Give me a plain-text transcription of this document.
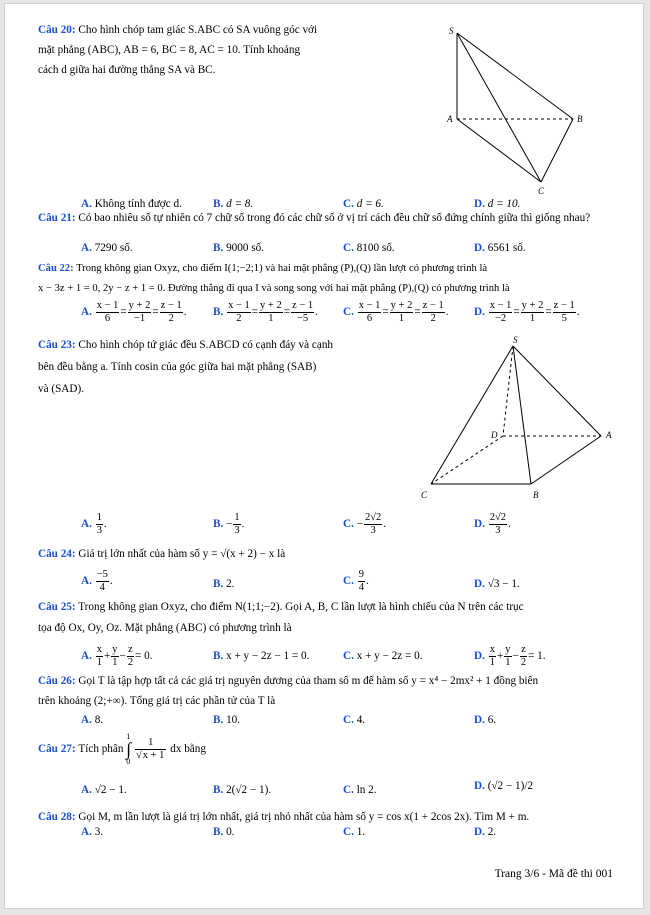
Câu 20: Cho hình chóp tam giác S.ABC có SA vuông góc với
mặt phẳng (ABC), AB = 6, BC = 8, AC = 10. Tính khoảng
cách d giữa hai đường thẳng SA và BC.
S
A	B
C
A. Không tính được d.	B. d = 8.	C. d = 6.	D. d = 10.
Câu 21: Có bao nhiêu số tự nhiên có 7 chữ số trong đó các chữ số ở vị trí cách đều chữ số đứng chính giữa thì giống nhau?
A. 7290 số.	B. 9000 số.	C. 8100 số.	D. 6561 số.
Câu 22: Trong không gian Oxyz, cho điểm I(1;−2;1) và hai mặt phẳng (P),(Q) lần lượt có phương trình là
x − 3z + 1 = 0, 2y − z + 1 = 0. Đường thẳng đi qua I và song song với hai mặt phẳng (P),(Q) có phương trình là
A. $\frac{x - 1}{6} = \frac{y + 2}{-1} = \frac{z - 1}{2}$ . B. $\frac{x - 1}{2} = \frac{y + 2}{1} = \frac{z - 1}{-5}$ . C. $\frac{x - 1}{6} = \frac{y + 2}{1} = \frac{z - 1}{2}$ . D. $\frac{x - 1}{-2} = \frac{y + 2}{1} = \frac{z - 1}{5}$ .
Câu 23: Cho hình chóp tứ giác đều S.ABCD có cạnh đáy và cạnh
bên đều bằng a. Tính cosin của góc giữa hai mặt phẳng (SAB)
và (SAD).
S
D	A
C	B
A. $\frac{1}{3}$ .	B. − $\frac{1}{3}$ .	C. − $\frac{2√2}{3}$ .	D. $\frac{2√2}{3}$ .
Câu 24: Giá trị lớn nhất của hàm số y = √(x + 2) − x là
A. $\frac{-5}{4}$ .	B. 2.	C. $\frac{9}{4}$ .	D. √3 − 1.
Câu 25: Trong không gian Oxyz, cho điểm N(1;1;−2). Gọi A, B, C lần lượt là hình chiếu của N trên các trục
tọa độ Ox, Oy, Oz. Mặt phẳng (ABC) có phương trình là
A. $\frac{x}{1} + \frac{y}{1} - \frac{z}{2} = 0$.	B. x + y − 2z − 1 = 0.	C. x + y − 2z = 0.	D. $\frac{x}{1} + \frac{y}{1} - \frac{z}{2} = 1$.
Câu 26: Gọi T là tập hợp tất cả các giá trị nguyên dương của tham số m để hàm số y = x⁴ − 2mx² + 1 đồng biến
trên khoảng (2;+∞). Tổng giá trị các phần tử của T là
A. 8.	B. 10.	C. 4.	D. 6.
Câu 27: Tích phân
1
∫
0
$\frac{1}{√x + 1}$ dx bằng
A. √2 − 1.	B. 2(√2 − 1).	C. ln 2.	D. (√2 − 1)/2
Câu 28: Gọi M, m lần lượt là giá trị lớn nhất, giá trị nhỏ nhất của hàm số y = cos x(1 + 2cos 2x). Tìm M + m.
A. 3.	B. 0.	C. 1.	D. 2.
Trang 3/6 - Mã đề thi 001
